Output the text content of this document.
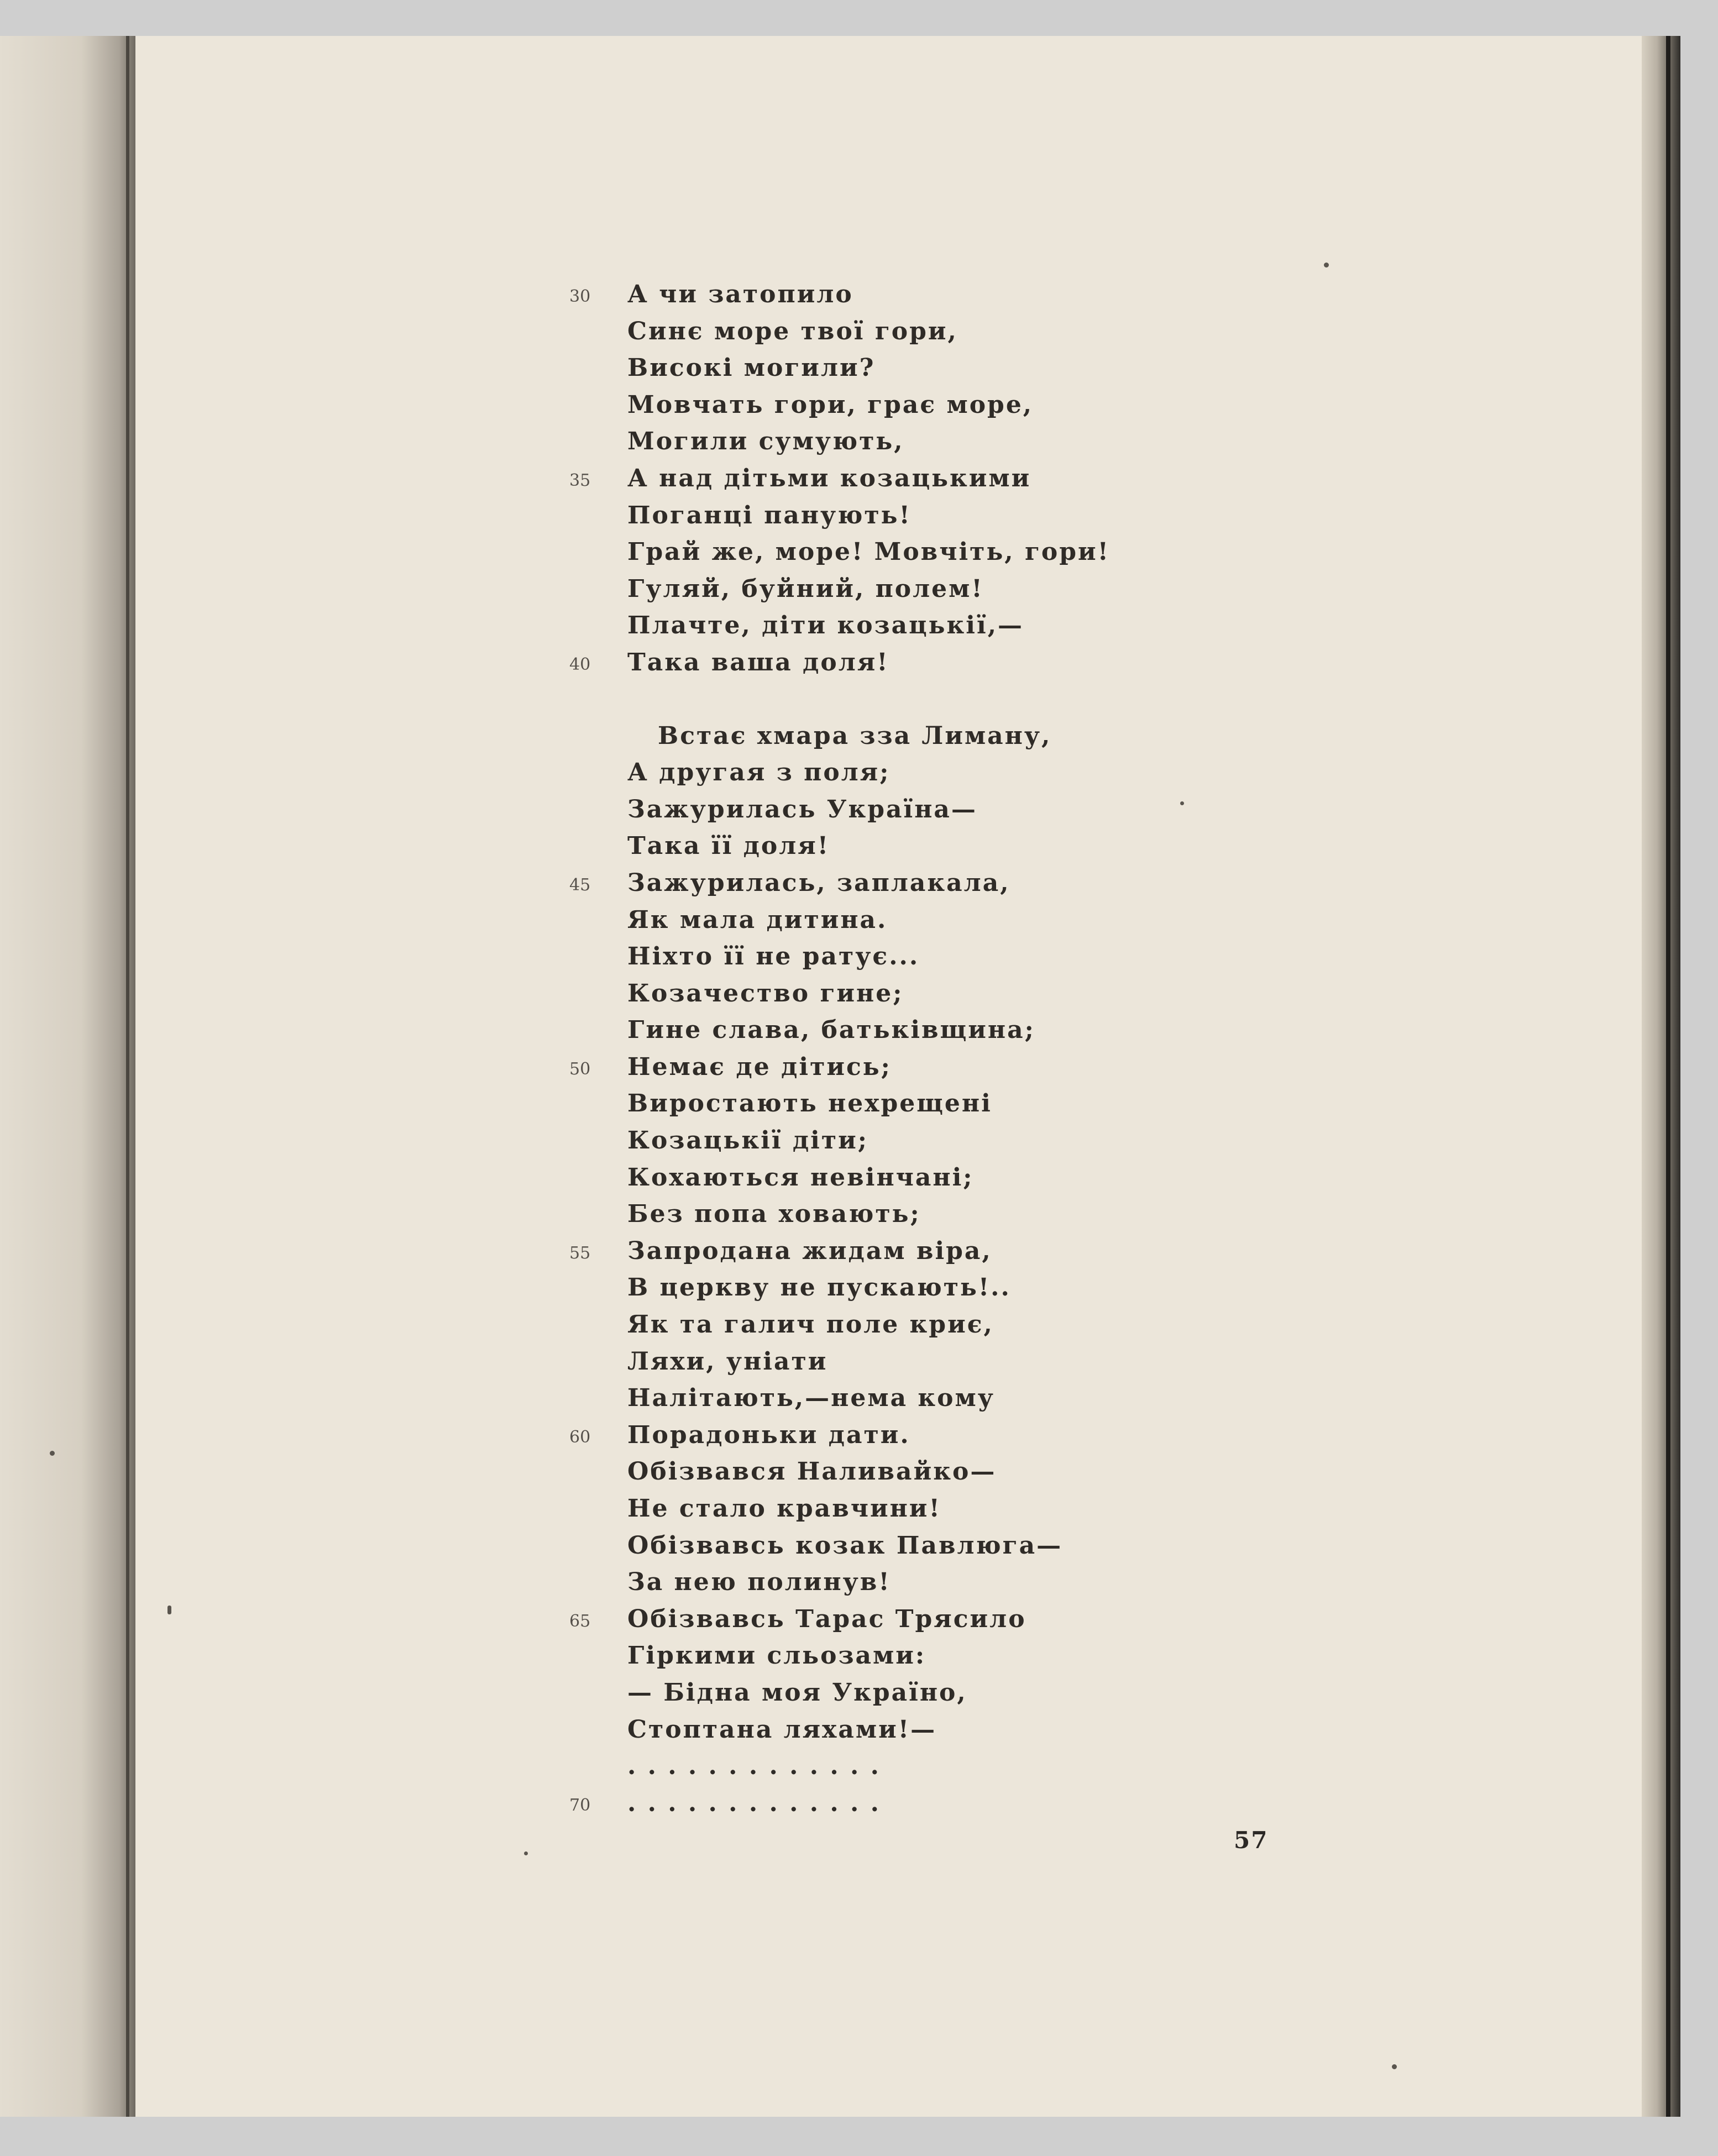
30 А чи затопило
Синє море твої гори,
Високі могили?
Мовчать гори, грає море,
Могили сумують,
35 А над дітьми козацькими
Поганці панують!
Грай же, море! Мовчіть, гори!
Гуляй, буйний, полем!
Плачте, діти козацькії,—
40 Така ваша доля!
Встає хмара зза Лиману,
А другая з поля;
Зажурилась Україна—
Така її доля!
45 Зажурилась, заплакала,
Як мала дитина.
Ніхто її не ратує...
Козачество гине;
Гине слава, батьківщина;
50 Немає де дітись;
Виростають нехрещені
Козацькії діти;
Кохаються невінчані;
Без попа ховають;
55 Запродана жидам віра,
В церкву не пускають!..
Як та галич поле криє,
Ляхи, уніати
Налітають,—нема кому
60 Порадоньки дати.
Обізвався Наливайко—
Не стало кравчини!
Обізвавсь козак Павлюга—
За нею полинув!
65 Обізвавсь Тарас Трясило
Гіркими сльозами:
— Бідна моя Україно,
Стоптана ляхами!—
. . . . . . . . . . . . .
70 . . . . . . . . . . . . .
57
